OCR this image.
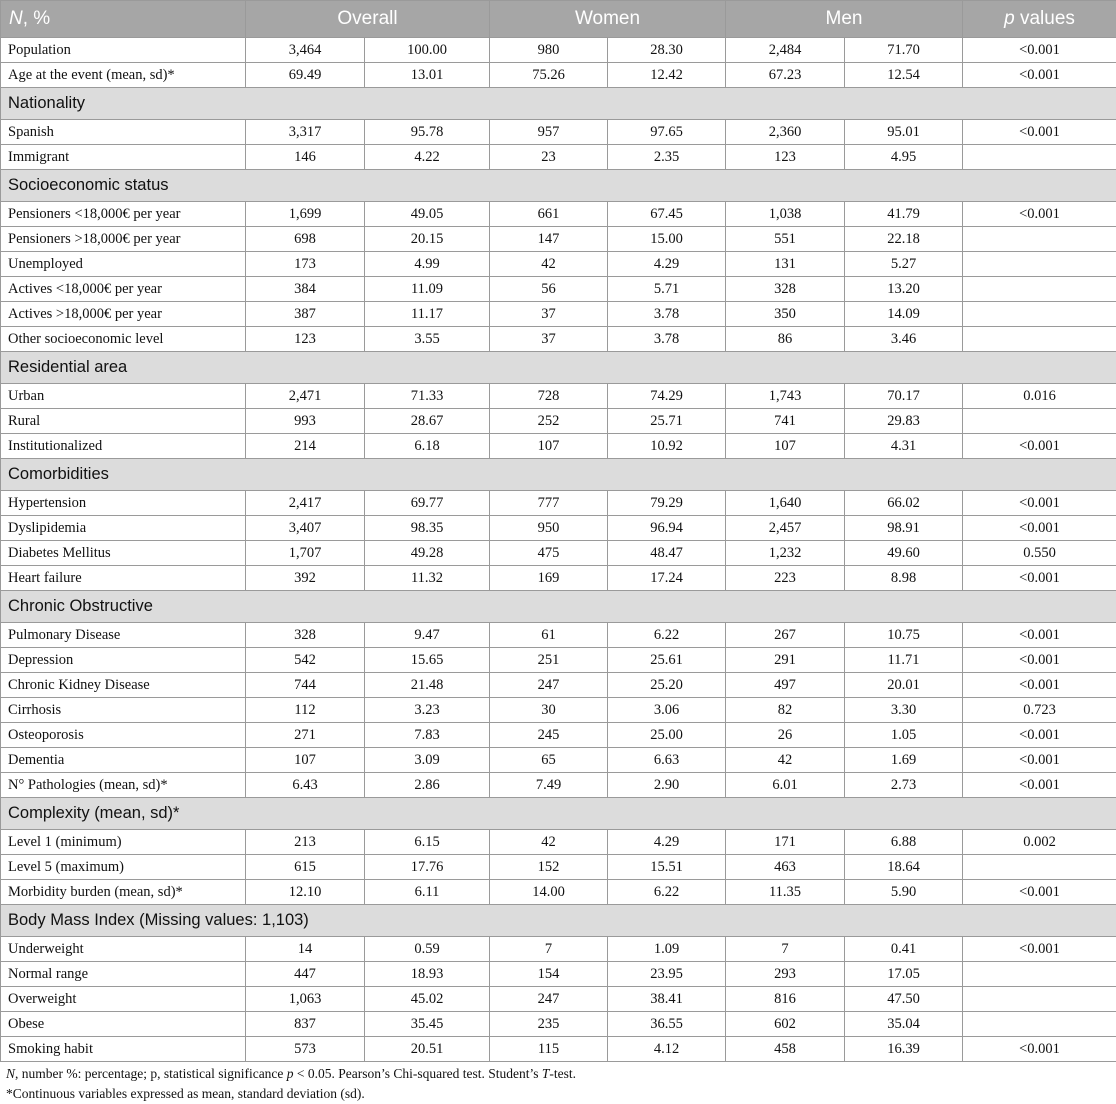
N, %	Overall		Women		Men		p values
Population	3,464	100.00	980	28.30	2,484	71.70	<0.001
Age at the event (mean, sd)*	69.49	13.01	75.26	12.42	67.23	12.54	<0.001
Nationality							
Spanish	3,317	95.78	957	97.65	2,360	95.01	<0.001
Immigrant	146	4.22	23	2.35	123	4.95	
Socioeconomic status							
Pensioners <18,000€ per year	1,699	49.05	661	67.45	1,038	41.79	<0.001
Pensioners >18,000€ per year	698	20.15	147	15.00	551	22.18	
Unemployed	173	4.99	42	4.29	131	5.27	
Actives <18,000€ per year	384	11.09	56	5.71	328	13.20	
Actives >18,000€ per year	387	11.17	37	3.78	350	14.09	
Other socioeconomic level	123	3.55	37	3.78	86	3.46	
Residential area							
Urban	2,471	71.33	728	74.29	1,743	70.17	0.016
Rural	993	28.67	252	25.71	741	29.83	
Institutionalized	214	6.18	107	10.92	107	4.31	<0.001
Comorbidities							
Hypertension	2,417	69.77	777	79.29	1,640	66.02	<0.001
Dyslipidemia	3,407	98.35	950	96.94	2,457	98.91	<0.001
Diabetes Mellitus	1,707	49.28	475	48.47	1,232	49.60	0.550
Heart failure	392	11.32	169	17.24	223	8.98	<0.001
Chronic Obstructive							
Pulmonary Disease	328	9.47	61	6.22	267	10.75	<0.001
Depression	542	15.65	251	25.61	291	11.71	<0.001
Chronic Kidney Disease	744	21.48	247	25.20	497	20.01	<0.001
Cirrhosis	112	3.23	30	3.06	82	3.30	0.723
Osteoporosis	271	7.83	245	25.00	26	1.05	<0.001
Dementia	107	3.09	65	6.63	42	1.69	<0.001
N° Pathologies (mean, sd)*	6.43	2.86	7.49	2.90	6.01	2.73	<0.001
Complexity (mean, sd)*							
Level 1 (minimum)	213	6.15	42	4.29	171	6.88	0.002
Level 5 (maximum)	615	17.76	152	15.51	463	18.64	
Morbidity burden (mean, sd)*	12.10	6.11	14.00	6.22	11.35	5.90	<0.001
Body Mass Index (Missing values: 1,103)							
Underweight	14	0.59	7	1.09	7	0.41	<0.001
Normal range	447	18.93	154	23.95	293	17.05	
Overweight	1,063	45.02	247	38.41	816	47.50	
Obese	837	35.45	235	36.55	602	35.04	
Smoking habit	573	20.51	115	4.12	458	16.39	<0.001
N, number %: percentage; p, statistical significance p < 0.05. Pearson’s Chi-squared test. Student’s T-test.
*Continuous variables expressed as mean, standard deviation (sd).
